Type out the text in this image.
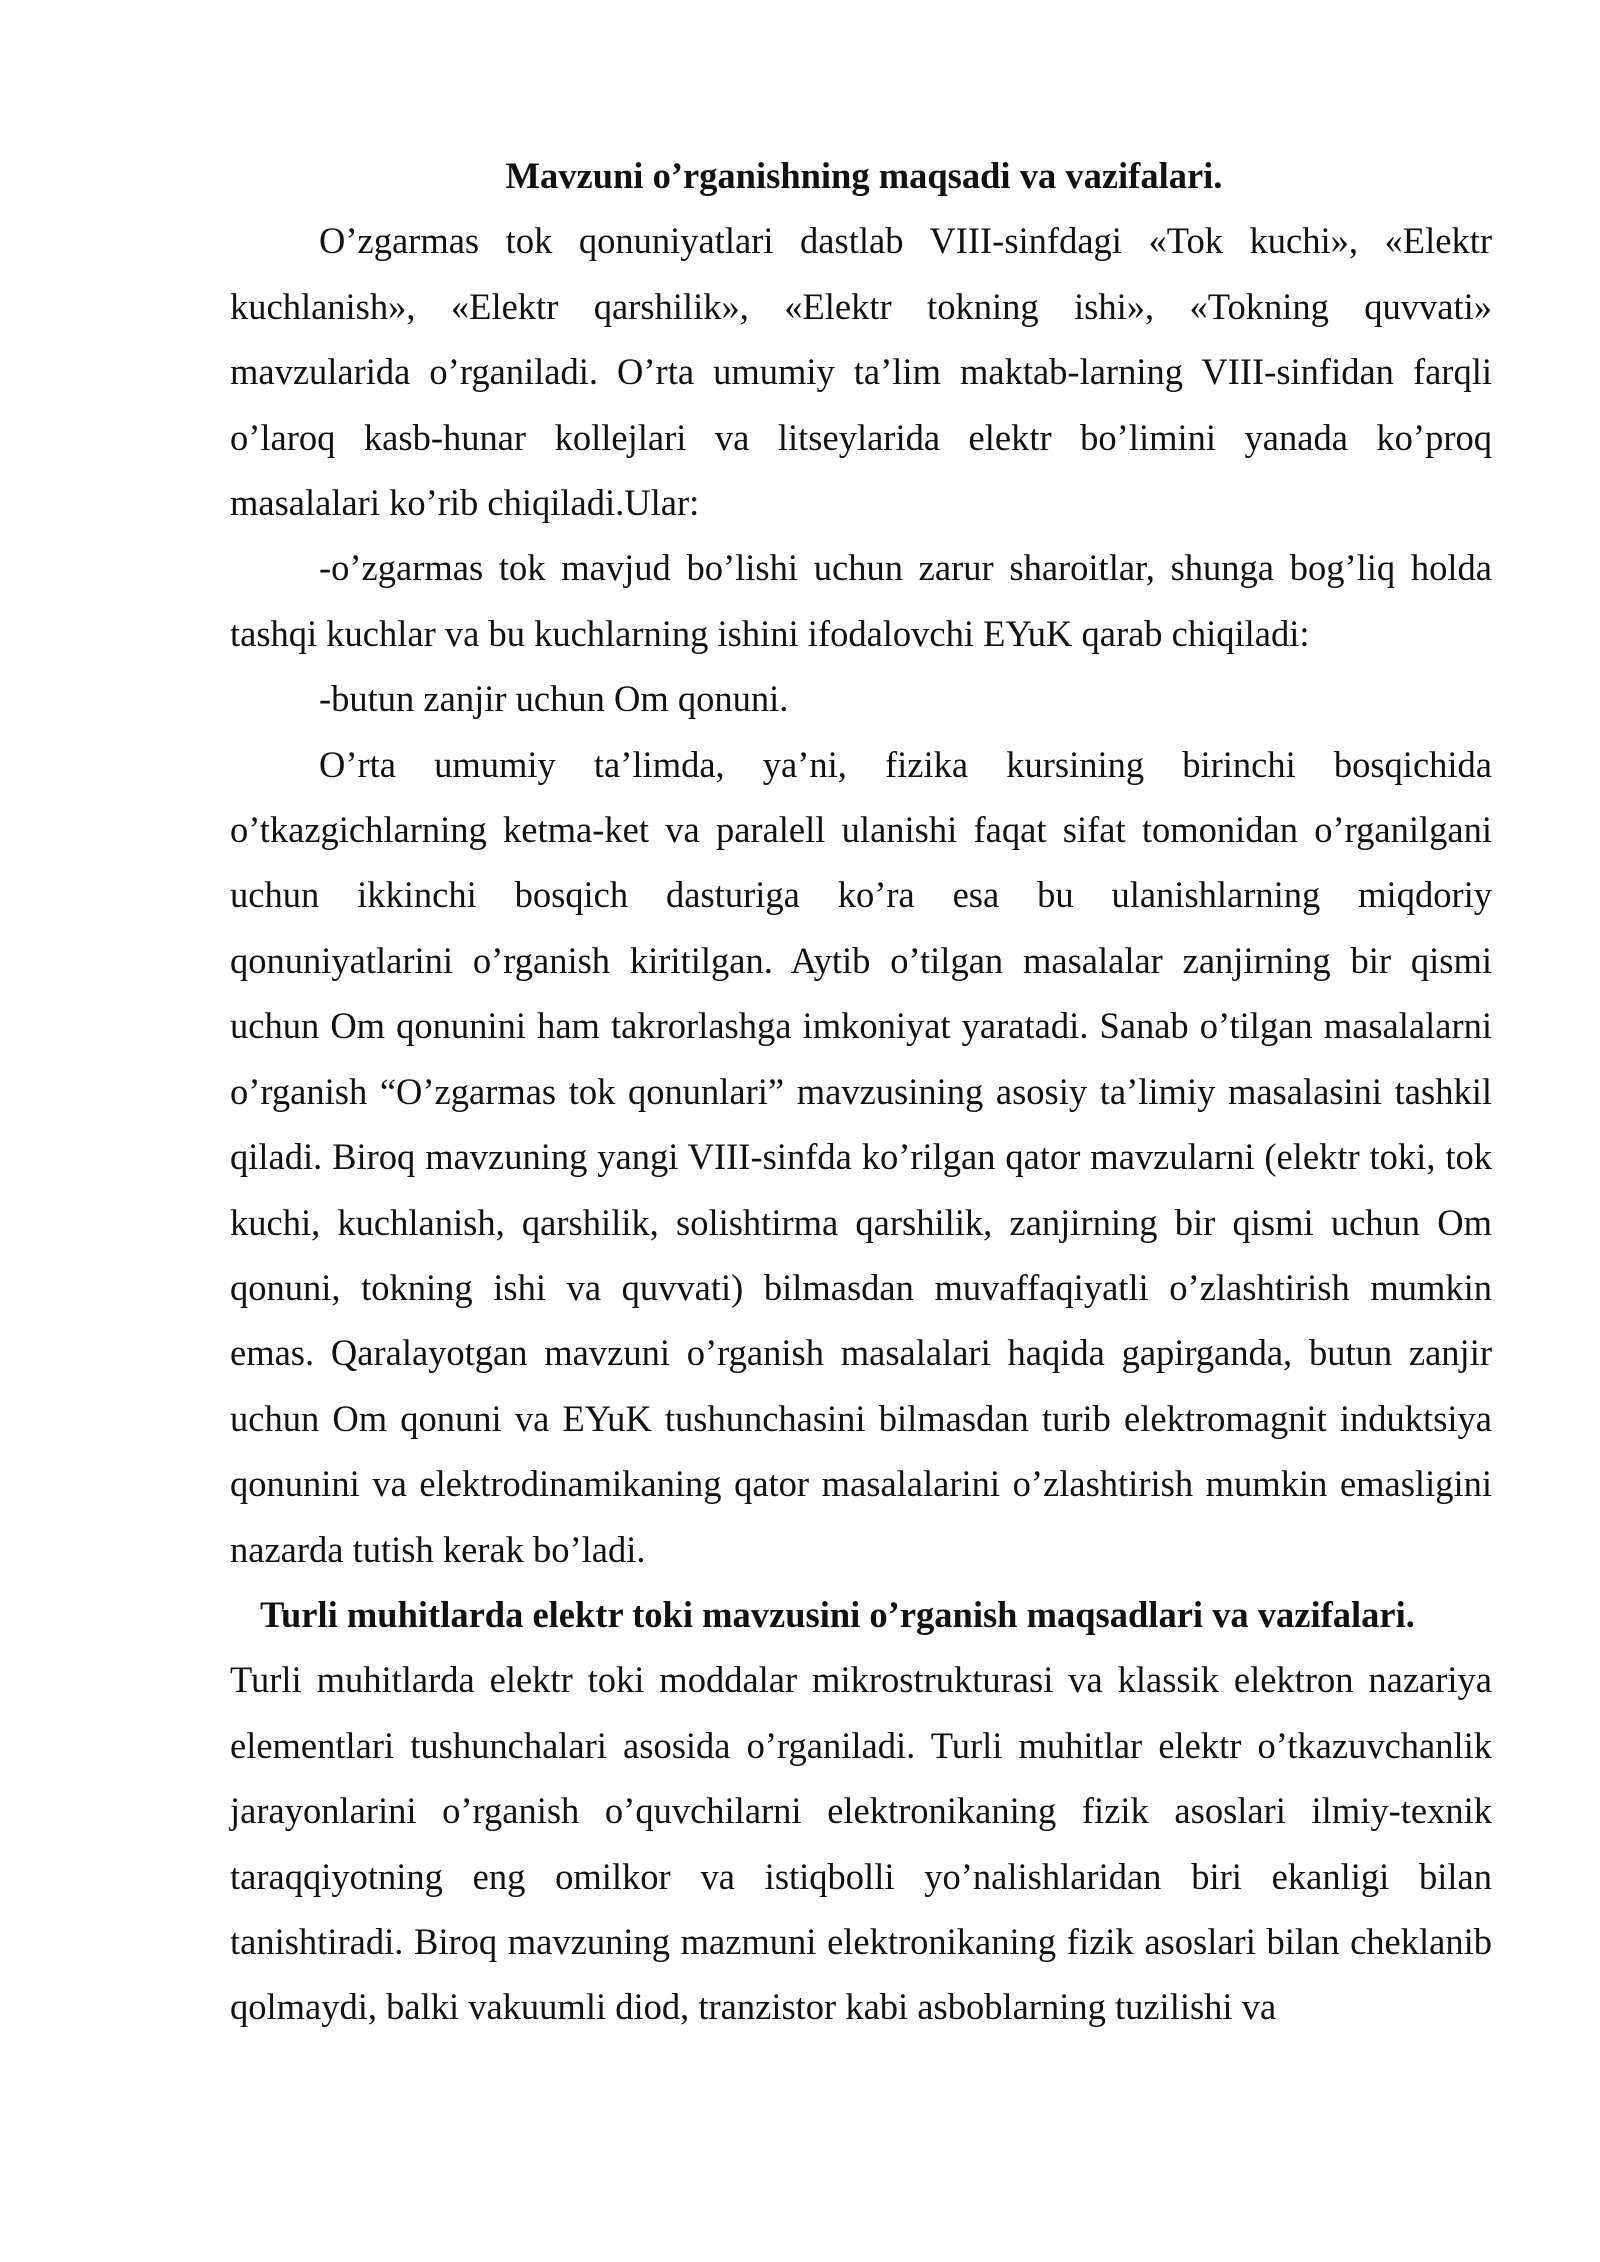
Mavzuni o’rganishning maqsadi va vazifalari.

O’zgarmas tok qonuniyatlari dastlab VIII-sinfdagi «Tok kuchi», «Elektr kuchlanish», «Elektr qarshilik», «Elektr tokning ishi», «Tokning quvvati» mavzularida o’rganiladi. O’rta umumiy ta’lim maktab-larning VIII-sinfidan farqli o’laroq kasb-hunar kollejlari va litseylarida elektr bo’limini yanada ko’proq masalalari ko’rib chiqiladi.Ular:

-o’zgarmas tok mavjud bo’lishi uchun zarur sharoitlar, shunga bog’liq holda tashqi kuchlar va bu kuchlarning ishini ifodalovchi EYuK qarab chiqiladi:

-butun zanjir uchun Om qonuni.

O’rta umumiy ta’limda, ya’ni, fizika kursining birinchi bosqichida o’tkazgichlarning ketma-ket va paralell ulanishi faqat sifat tomonidan o’rganilgani uchun ikkinchi bosqich dasturiga ko’ra esa bu ulanishlarning miqdoriy qonuniyatlarini o’rganish kiritilgan. Aytib o’tilgan masalalar zanjirning bir qismi uchun Om qonunini ham takrorlashga imkoniyat yaratadi. Sanab o’tilgan masalalarni o’rganish “O’zgarmas tok qonunlari” mavzusining asosiy ta’limiy masalasini tashkil qiladi. Biroq mavzuning yangi VIII-sinfda ko’rilgan qator mavzularni (elektr toki, tok kuchi, kuchlanish, qarshilik, solishtirma qarshilik, zanjirning bir qismi uchun Om qonuni, tokning ishi va quvvati) bilmasdan muvaffaqiyatli o’zlashtirish mumkin emas. Qaralayotgan mavzuni o’rganish masalalari haqida gapirganda, butun zanjir uchun Om qonuni va EYuK tushunchasini bilmasdan turib elektromagnit induktsiya qonunini va elektrodinamikaning qator masalalarini o’zlashtirish mumkin emasligini nazarda tutish kerak bo’ladi.

Turli muhitlarda elektr toki mavzusini o’rganish maqsadlari va vazifalari.

Turli muhitlarda elektr toki moddalar mikrostrukturasi va klassik elektron nazariya elementlari tushunchalari asosida o’rganiladi. Turli muhitlar elektr o’tkazuvchanlik jarayonlarini o’rganish o’quvchilarni elektronikaning fizik asoslari ilmiy-texnik taraqqiyotning eng omilkor va istiqbolli yo’nalishlaridan biri ekanligi bilan tanishtiradi. Biroq mavzuning mazmuni elektronikaning fizik asoslari bilan cheklanib qolmaydi, balki vakuumli diod, tranzistor kabi asboblarning tuzilishi va
